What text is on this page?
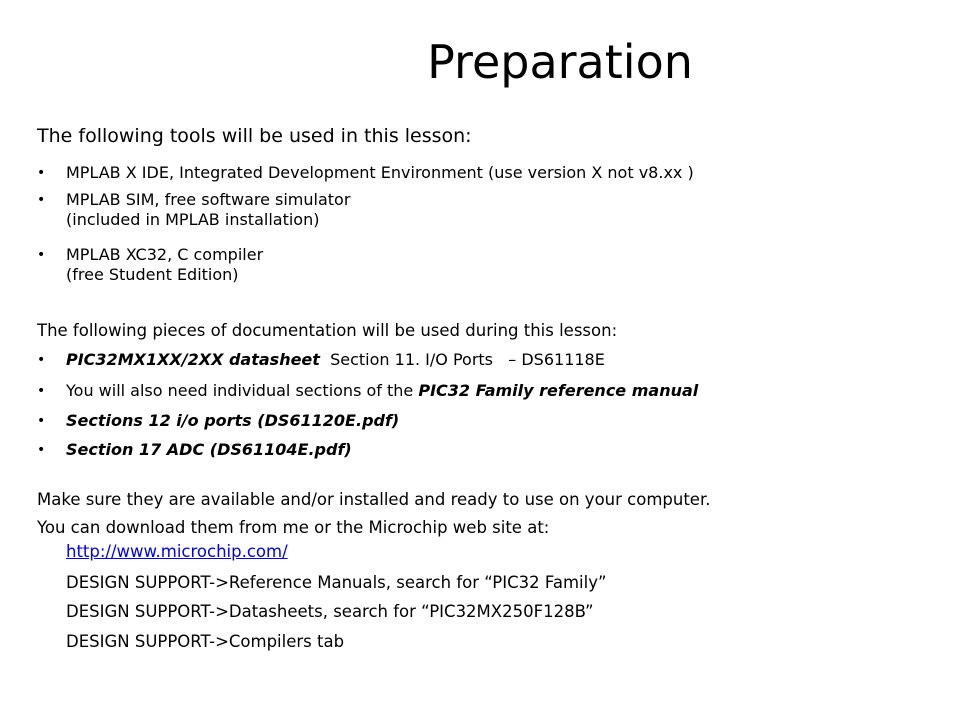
Preparation
The following tools will be used in this lesson:
• MPLAB X IDE, Integrated Development Environment (use version X not v8.xx )
• MPLAB SIM, free software simulator
(included in MPLAB installation)
• MPLAB XC32, C compiler
(free Student Edition)
The following pieces of documentation will be used during this lesson:
• PIC32MX1XX/2XX datasheet  Section 11. I/O Ports   – DS61118E
• You will also need individual sections of the PIC32 Family reference manual
• Sections 12 i/o ports (DS61120E.pdf)
• Section 17 ADC (DS61104E.pdf)
Make sure they are available and/or installed and ready to use on your computer.
You can download them from me or the Microchip web site at:
http://www.microchip.com/
DESIGN SUPPORT->Reference Manuals, search for “PIC32 Family”
DESIGN SUPPORT->Datasheets, search for “PIC32MX250F128B”
DESIGN SUPPORT->Compilers tab
